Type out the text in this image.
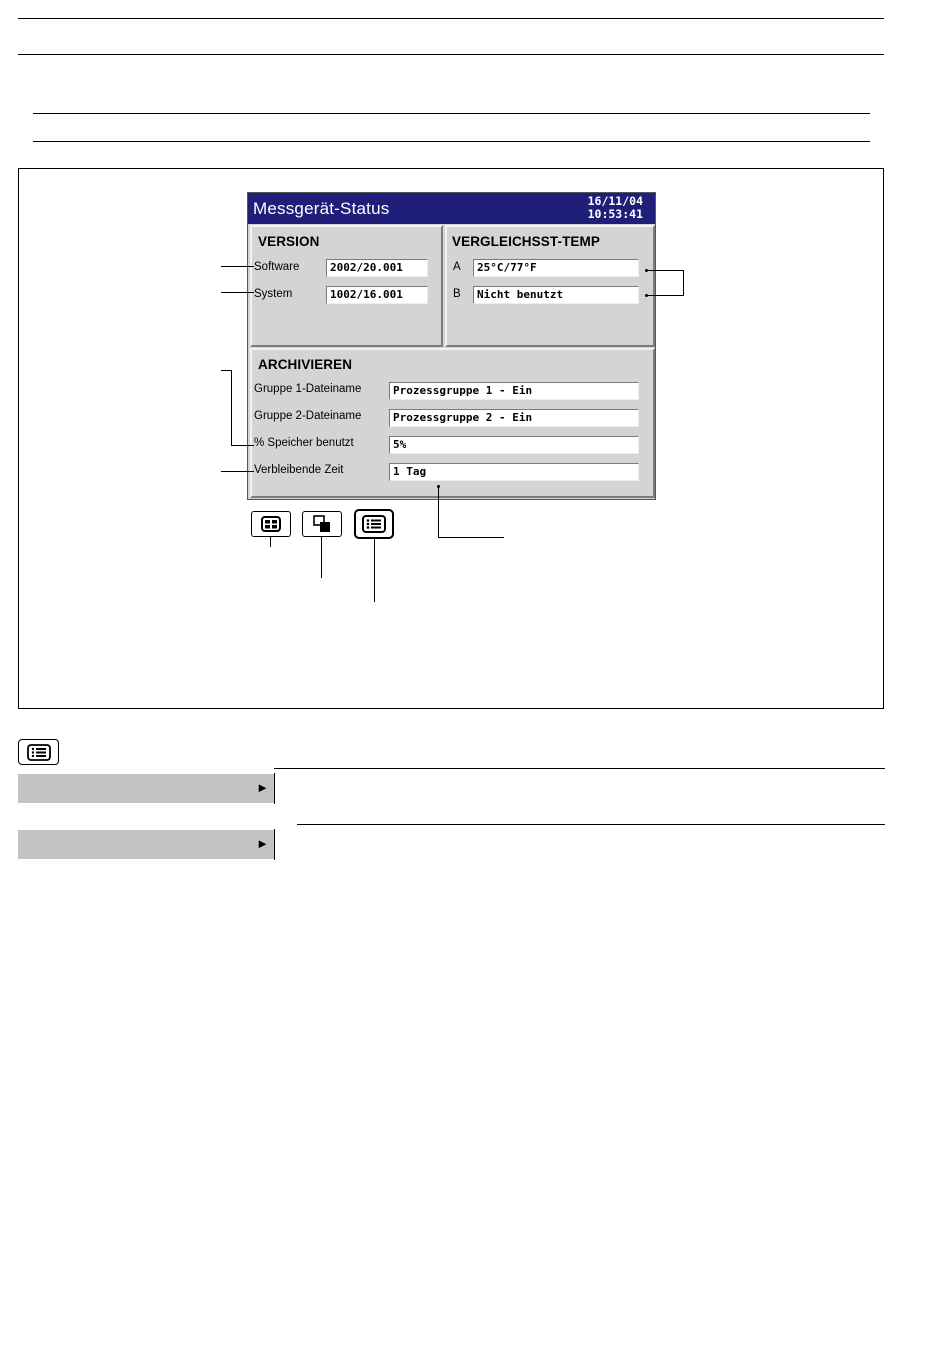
Messgerät-Status	16/11/04
10:53:41
VERSION
Software	2002/20.001
System	1002/16.001
VERGLEICHSST-TEMP
A	25°C/77°F
B	Nicht benutzt
ARCHIVIEREN
Gruppe 1-Dateiname	Prozessgruppe 1 - Ein
Gruppe 2-Dateiname	Prozessgruppe 2 - Ein
% Speicher benutzt	5%
Verbleibende Zeit	1 Tag
►
►
